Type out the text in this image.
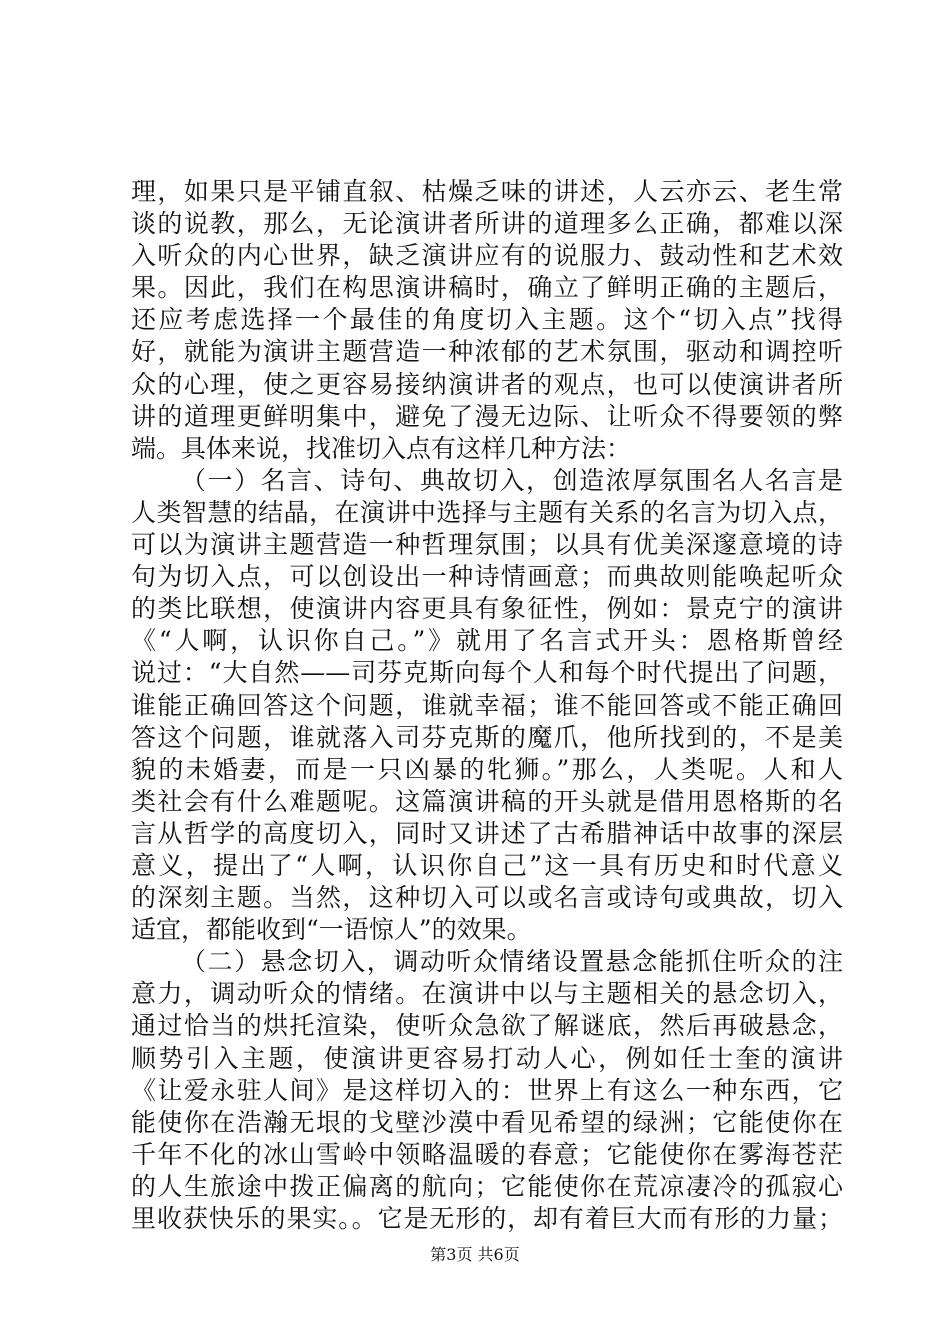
理，如果只是平铺直叙、枯燥乏味的讲述，人云亦云、老生常
谈的说教，那么，无论演讲者所讲的道理多么正确，都难以深
入听众的内心世界，缺乏演讲应有的说服力、鼓动性和艺术效
果。因此，我们在构思演讲稿时，确立了鲜明正确的主题后，
还应考虑选择一个最佳的角度切入主题。这个“切入点”找得
好，就能为演讲主题营造一种浓郁的艺术氛围，驱动和调控听
众的心理，使之更容易接纳演讲者的观点，也可以使演讲者所
讲的道理更鲜明集中，避免了漫无边际、让听众不得要领的弊
端。具体来说，找准切入点有这样几种方法：
（一）名言、诗句、典故切入，创造浓厚氛围名人名言是
人类智慧的结晶，在演讲中选择与主题有关系的名言为切入点，
可以为演讲主题营造一种哲理氛围；以具有优美深邃意境的诗
句为切入点，可以创设出一种诗情画意；而典故则能唤起听众
的类比联想，使演讲内容更具有象征性，例如：景克宁的演讲
《“人啊，认识你自己。”》就用了名言式开头：恩格斯曾经
说过：“大自然——司芬克斯向每个人和每个时代提出了问题，
谁能正确回答这个问题，谁就幸福；谁不能回答或不能正确回
答这个问题，谁就落入司芬克斯的魔爪，他所找到的，不是美
貌的未婚妻，而是一只凶暴的牝狮。”那么，人类呢。人和人
类社会有什么难题呢。这篇演讲稿的开头就是借用恩格斯的名
言从哲学的高度切入，同时又讲述了古希腊神话中故事的深层
意义，提出了“人啊，认识你自己”这一具有历史和时代意义
的深刻主题。当然，这种切入可以或名言或诗句或典故，切入
适宜，都能收到“一语惊人”的效果。
（二）悬念切入，调动听众情绪设置悬念能抓住听众的注
意力，调动听众的情绪。在演讲中以与主题相关的悬念切入，
通过恰当的烘托渲染，使听众急欲了解谜底，然后再破悬念，
顺势引入主题，使演讲更容易打动人心，例如任士奎的演讲
《让爱永驻人间》是这样切入的：世界上有这么一种东西，它
能使你在浩瀚无垠的戈壁沙漠中看见希望的绿洲；它能使你在
千年不化的冰山雪岭中领略温暖的春意；它能使你在雾海苍茫
的人生旅途中拨正偏离的航向；它能使你在荒凉凄冷的孤寂心
里收获快乐的果实。。它是无形的，却有着巨大而有形的力量；
第3页 共6页
